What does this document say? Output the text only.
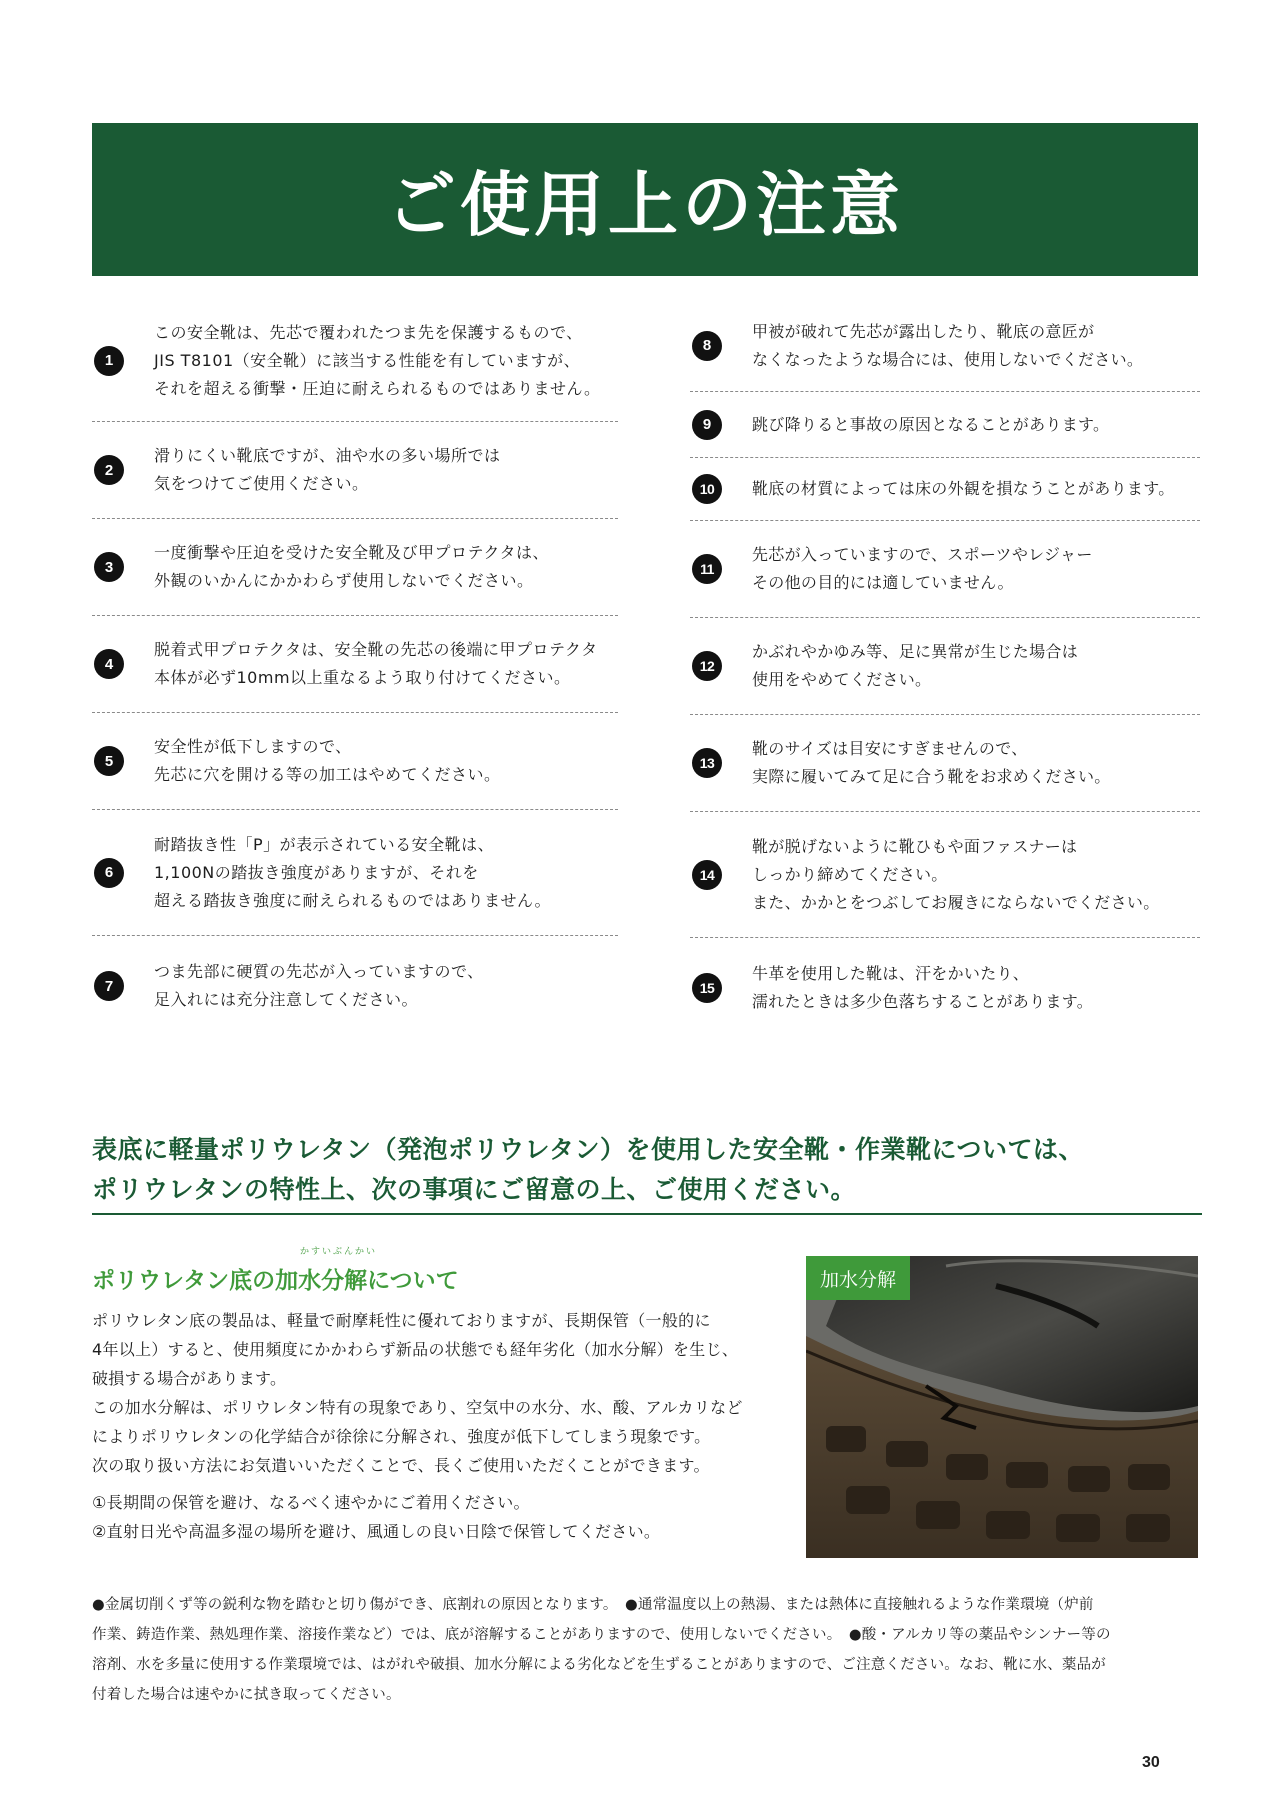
ご使用上の注意
1
この安全靴は、先芯で覆われたつま先を保護するもので、
JIS T8101（安全靴）に該当する性能を有していますが、
それを超える衝撃・圧迫に耐えられるものではありません。
2
滑りにくい靴底ですが、油や水の多い場所では
気をつけてご使用ください。
3
一度衝撃や圧迫を受けた安全靴及び甲プロテクタは、
外観のいかんにかかわらず使用しないでください。
4
脱着式甲プロテクタは、安全靴の先芯の後端に甲プロテクタ
本体が必ず10mm以上重なるよう取り付けてください。
5
安全性が低下しますので、
先芯に穴を開ける等の加工はやめてください。
6
耐踏抜き性「P」が表示されている安全靴は、
1,100Nの踏抜き強度がありますが、それを
超える踏抜き強度に耐えられるものではありません。
7
つま先部に硬質の先芯が入っていますので、
足入れには充分注意してください。
8
甲被が破れて先芯が露出したり、靴底の意匠が
なくなったような場合には、使用しないでください。
9	跳び降りると事故の原因となることがあります。
10	靴底の材質によっては床の外観を損なうことがあります。
11
先芯が入っていますので、スポーツやレジャー
その他の目的には適していません。
12
かぶれやかゆみ等、足に異常が生じた場合は
使用をやめてください。
13
靴のサイズは目安にすぎませんので、
実際に履いてみて足に合う靴をお求めください。
14
靴が脱げないように靴ひもや面ファスナーは
しっかり締めてください。
また、かかとをつぶしてお履きにならないでください。
15
牛革を使用した靴は、汗をかいたり、
濡れたときは多少色落ちすることがあります。
表底に軽量ポリウレタン（発泡ポリウレタン）を使用した安全靴・作業靴については、
ポリウレタンの特性上、次の事項にご留意の上、ご使用ください。
かすいぶんかい
ポリウレタン底の加水分解について
ポリウレタン底の製品は、軽量で耐摩耗性に優れておりますが、長期保管（一般的に
4年以上）すると、使用頻度にかかわらず新品の状態でも経年劣化（加水分解）を生じ、
破損する場合があります。
この加水分解は、ポリウレタン特有の現象であり、空気中の水分、水、酸、アルカリなど
によりポリウレタンの化学結合が徐徐に分解され、強度が低下してしまう現象です。
次の取り扱い方法にお気遣いいただくことで、長くご使用いただくことができます。
①長期間の保管を避け、なるべく速やかにご着用ください。
②直射日光や高温多湿の場所を避け、風通しの良い日陰で保管してください。
加水分解
●金属切削くず等の鋭利な物を踏むと切り傷ができ、底割れの原因となります。　●通常温度以上の熱湯、または熱体に直接触れるような作業環境（炉前
作業、鋳造作業、熱処理作業、溶接作業など）では、底が溶解することがありますので、使用しないでください。　●酸・アルカリ等の薬品やシンナー等の
溶剤、水を多量に使用する作業環境では、はがれや破損、加水分解による劣化などを生ずることがありますので、ご注意ください。なお、靴に水、薬品が
付着した場合は速やかに拭き取ってください。
30
